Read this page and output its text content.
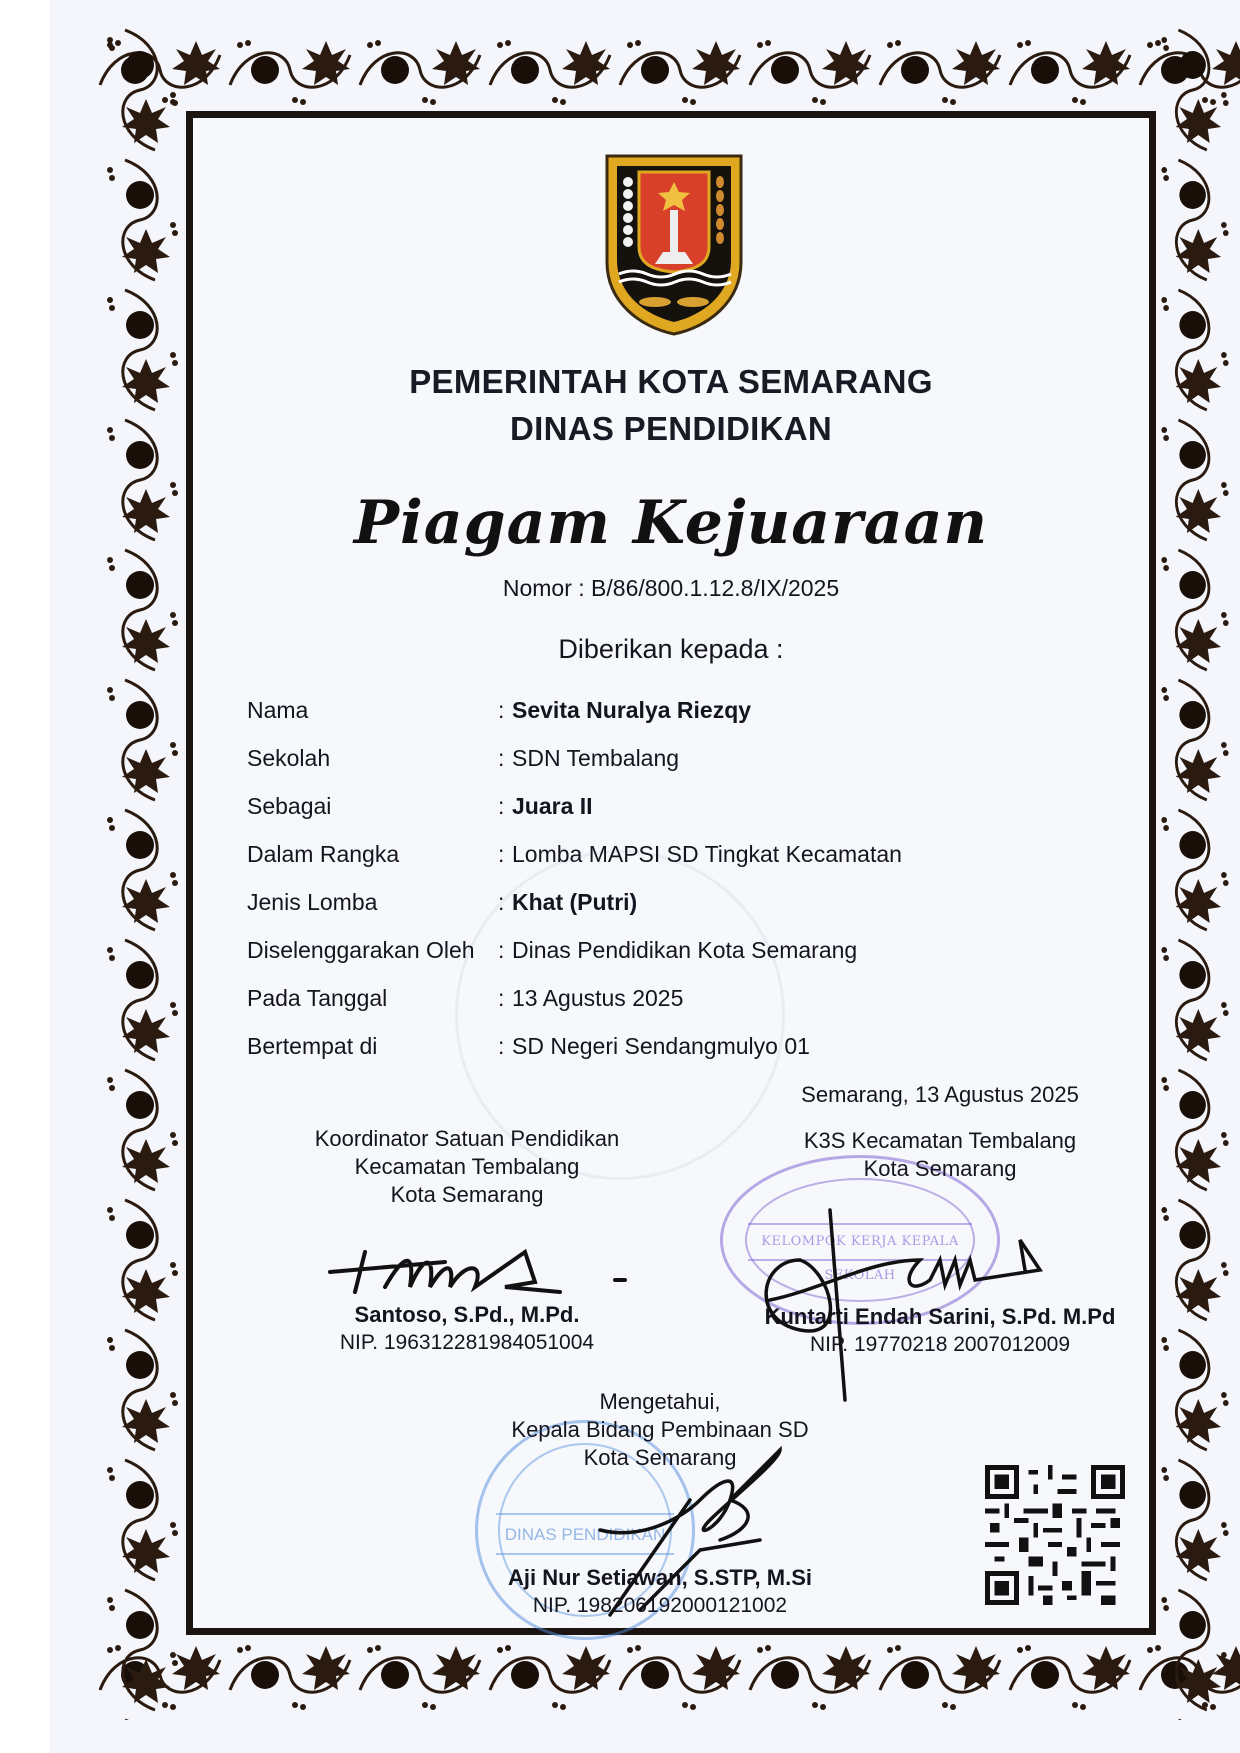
PEMERINTAH KOTA SEMARANG
DINAS PENDIDIKAN
Piagam Kejuaraan
Nomor : B/86/800.1.12.8/IX/2025
Diberikan kepada :
Nama	: Sevita Nuralya Riezqy
Sekolah	: SDN Tembalang
Sebagai	: Juara II
Dalam Rangka	: Lomba MAPSI SD Tingkat Kecamatan
Jenis Lomba	: Khat (Putri)
Diselenggarakan Oleh : Dinas Pendidikan Kota Semarang
Pada Tanggal	: 13 Agustus 2025
Bertempat di	: SD Negeri Sendangmulyo 01
KELOMPOK KERJA KEPALA SEKOLAH
DINAS PENDIDIKAN
Koordinator Satuan Pendidikan
Kecamatan Tembalang
Kota Semarang
Santoso, S.Pd., M.Pd.
NIP. 196312281984051004
Semarang, 13 Agustus 2025
K3S Kecamatan Tembalang
Kota Semarang
Kuntarti Endah Sarini, S.Pd. M.Pd
NIP. 19770218 2007012009
Mengetahui,
Kepala Bidang Pembinaan SD
Kota Semarang
Aji Nur Setiawan, S.STP, M.Si
NIP. 198206192000121002
